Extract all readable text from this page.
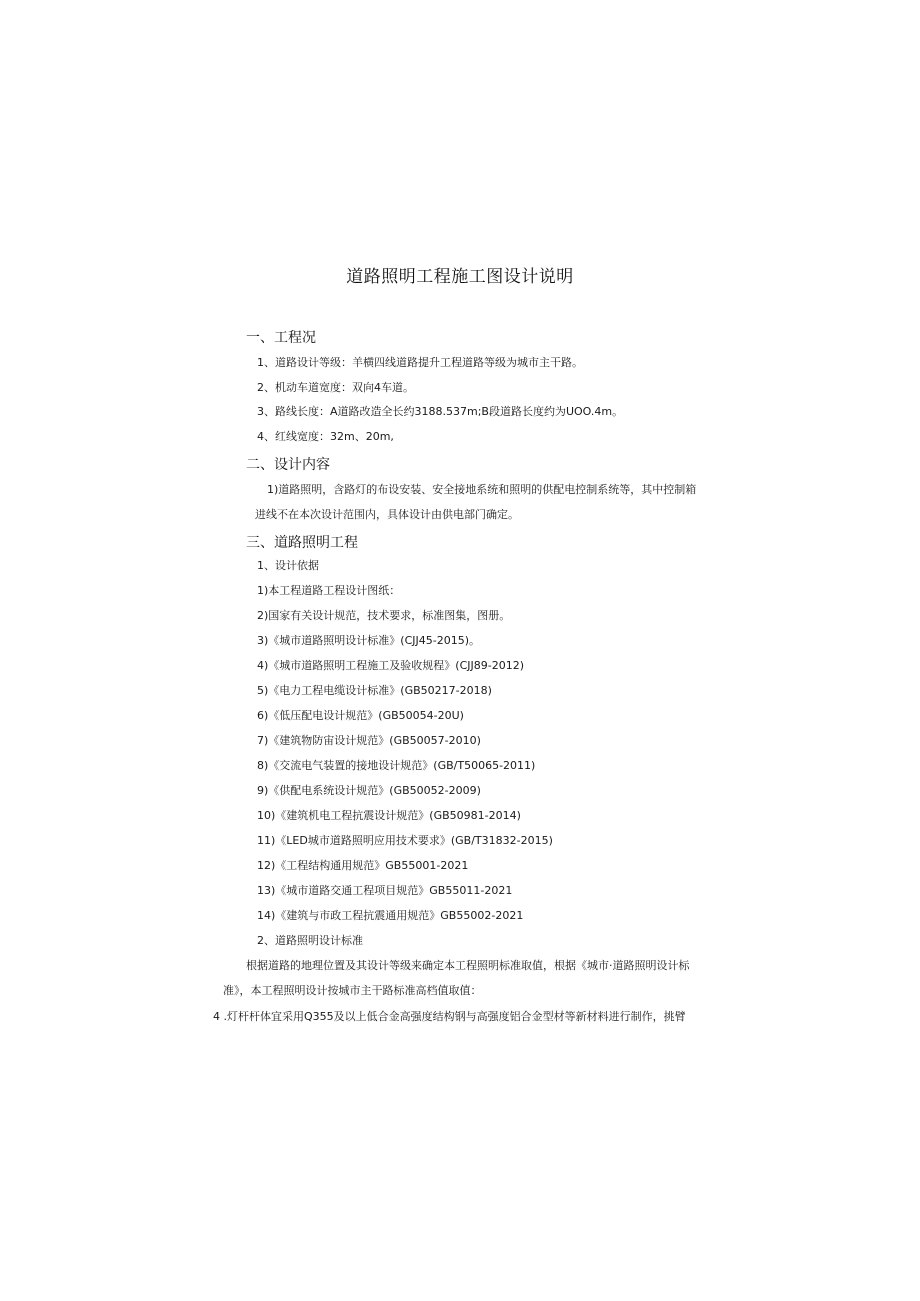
道路照明工程施工图设计说明
一、工程况
1、道路设计等级：羊横四线道路提升工程道路等级为城市主干路。
2、机动车道宽度：双向4车道。
3、路线长度：A道路改造全长约3188.537m;B段道路长度约为UOO.4m。
4、红线宽度：32m、20m,
二、设计内容
1)道路照明，含路灯的布设安装、安全接地系统和照明的供配电控制系统等，其中控制箱
进线不在本次设计范围内，具体设计由供电部门确定。
三、道路照明工程
1、设计依据
1)本工程道路工程设计图纸：
2)国家有关设计规范，技术要求，标准图集，图册。
3)《城市道路照明设计标准》(CJJ45-2015)。
4)《城市道路照明工程施工及验收规程》(CJJ89-2012)
5)《电力工程电缆设计标准》(GB50217-2018)
6)《低压配电设计规范》(GB50054-20U)
7)《建筑物防宙设计规范》(GB50057-2010)
8)《交流电气装置的接地设计规范》(GB/T50065-2011)
9)《供配电系统设计规范》(GB50052-2009)
10)《建筑机电工程抗震设计规范》(GB50981-2014)
11)《LED城市道路照明应用技术要求》(GB/T31832-2015)
12)《工程结构通用规范》GB55001-2021
13)《城市道路交通工程项目规范》GB55011-2021
14)《建筑与市政工程抗震通用规范》GB55002-2021
2、道路照明设计标准
根据道路的地理位置及其设计等级来确定本工程照明标准取值，根据《城市·道路照明设计标
准》，本工程照明设计按城市主干路标准高档值取值：
4 .灯杆杆体宜采用Q355及以上低合金高强度结构钢与高强度铝合金型材等新材料进行制作，挑臂
